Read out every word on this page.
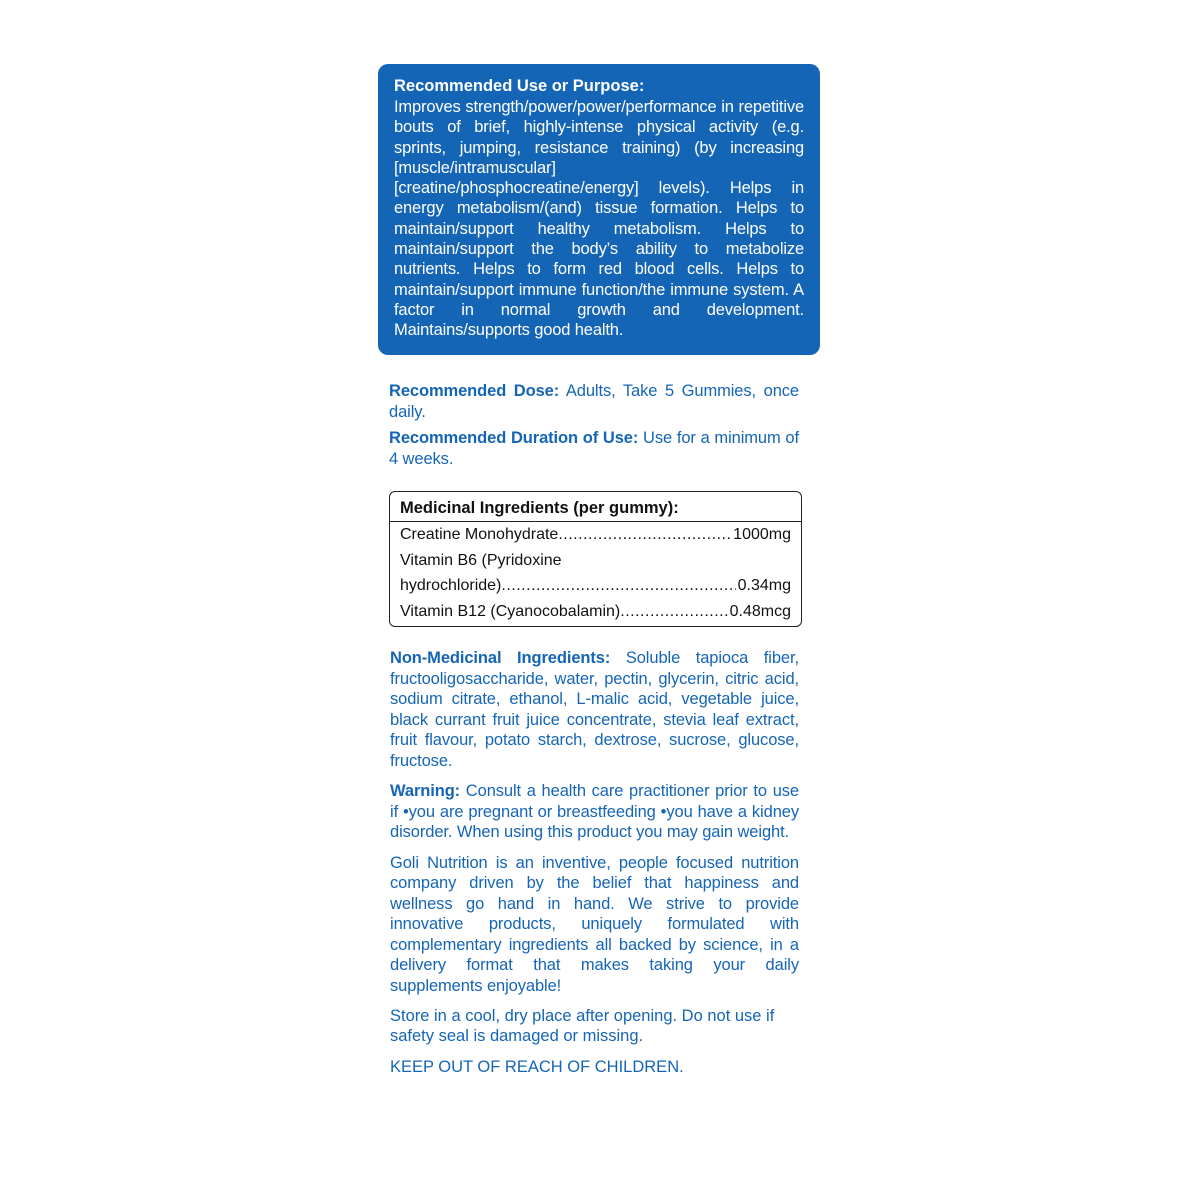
Recommended Use or Purpose:
Improves strength/power/power/performance in repetitive bouts of brief, highly-intense physical activity (e.g. sprints, jumping, resistance training) (by increasing [muscle/intramuscular] [creatine/phosphocreatine/energy] levels). Helps in energy metabolism/(and) tissue formation. Helps to maintain/support healthy metabolism. Helps to maintain/support the body’s ability to metabolize nutrients. Helps to form red blood cells. Helps to maintain/support immune function/the immune system. A factor in normal growth and development. Maintains/supports good health.

Recommended Dose: Adults, Take 5 Gummies, once daily.

Recommended Duration of Use: Use for a minimum of 4 weeks.

Medicinal Ingredients (per gummy):
Creatine Monohydrate .....	1000mg
Vitamin B6 (Pyridoxine
hydrochloride) .....	0.34mg
Vitamin B12 (Cyanocobalamin) .....	0.48mcg

Non-Medicinal Ingredients: Soluble tapioca fiber, fructooligosaccharide, water, pectin, glycerin, citric acid, sodium citrate, ethanol, L-malic acid, vegetable juice, black currant fruit juice concentrate, stevia leaf extract, fruit flavour, potato starch, dextrose, sucrose, glucose, fructose.

Warning: Consult a health care practitioner prior to use if •you are pregnant or breastfeeding •you have a kidney disorder. When using this product you may gain weight.

Goli Nutrition is an inventive, people focused nutrition company driven by the belief that happiness and wellness go hand in hand. We strive to provide innovative products, uniquely formulated with complementary ingredients all backed by science, in a delivery format that makes taking your daily supplements enjoyable!

Store in a cool, dry place after opening. Do not use if safety seal is damaged or missing.

KEEP OUT OF REACH OF CHILDREN.
